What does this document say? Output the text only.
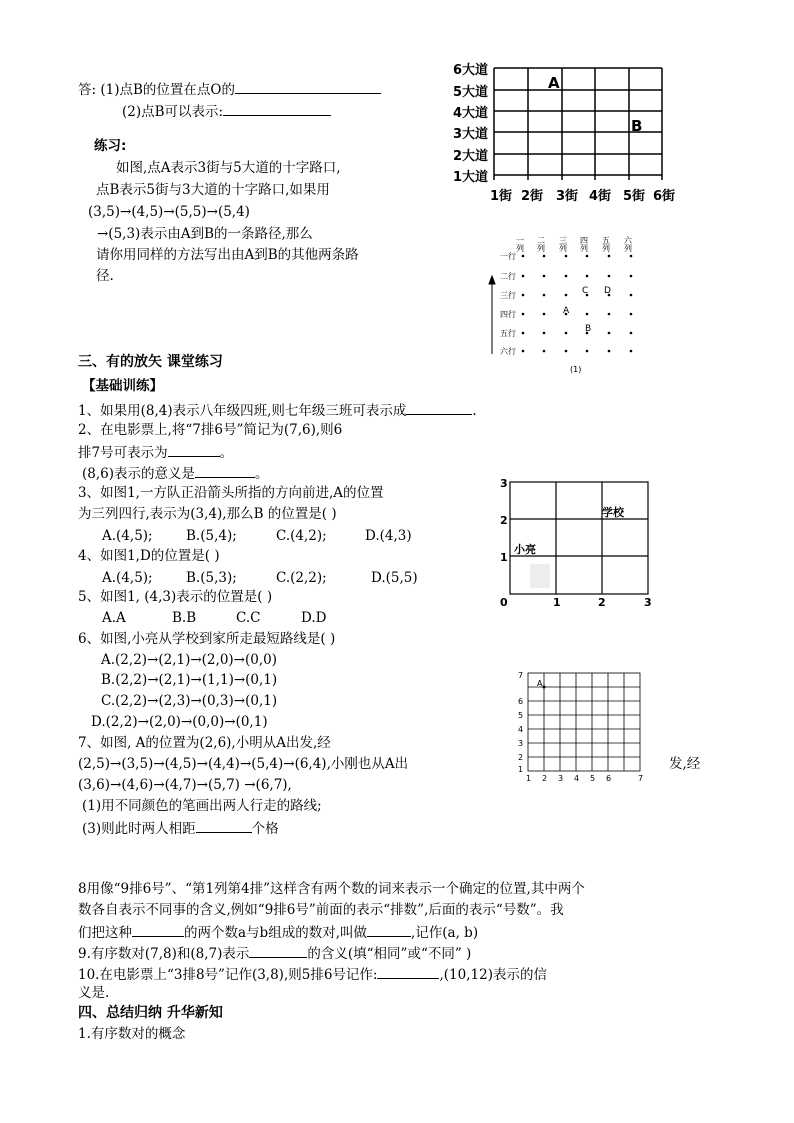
答: (1)点B的位置在点O的
(2)点B可以表示:
练习:
如图,点A表示3街与5大道的十字路口,
点B表示5街与3大道的十字路口,如果用
(3,5)→(4,5)→(5,5)→(5,4)
→(5,3)表示由A到B的一条路径,那么
请你用同样的方法写出由A到B的其他两条路
径.
6大道
5大道
4大道
3大道
2大道
1大道
1街 2街 3街 4街 5街 6街
A
B
一列 二列 三列 四列 五列 六列
一行
二行
三行
四行
五行
六行
A
C D
B
(1)
三、有的放矢 课堂练习
【基础训练】
1、如果用(8,4)表示八年级四班,则七年级三班可表示成	.
2、在电影票上,将“7排6号”简记为(7,6),则6
排7号可表示为	。
(8,6)表示的意义是	。
3、如图1,一方队正沿箭头所指的方向前进,A的位置
为三列四行,表示为(3,4),那么B 的位置是( )
A.(4,5); B.(5,4);	C.(4,2);	D.(4,3)
4、如图1,D的位置是( )
A.(4,5); B.(5,3);	C.(2,2);	D.(5,5)
5、如图1, (4,3)表示的位置是( )
A.A	B.B	C.C	D.D
6、如图,小亮从学校到家所走最短路线是( )
A.(2,2)→(2,1)→(2,0)→(0,0)
B.(2,2)→(2,1)→(1,1)→(0,1)
C.(2,2)→(2,3)→(0,3)→(0,1)
D.(2,2)→(2,0)→(0,0)→(0,1)
7、如图, A的位置为(2,6),小明从A出发,经
(2,5)→(3,5)→(4,5)→(4,4)→(5,4)→(6,4),小刚也从A出	发,经
(3,6)→(4,6)→(4,7)→(5,7) →(6,7),
(1)用不同颜色的笔画出两人行走的路线;
(3)则此时两人相距	个格
0	1	2	3
1
2
3
学校
小亮
1 2 3 4 5 6	7
1
2
3
4
5
6
7
A
8用像“9排6号”、“第1列第4排”这样含有两个数的词来表示一个确定的位置,其中两个
数各自表示不同事的含义,例如“9排6号”前面的表示“排数”,后面的表示“号数”。我
们把这种	的两个数a与b组成的数对,叫做	,记作(a, b)
9.有序数对(7,8)和(8,7)表示	的含义(填“相同”或“不同” )
10.在电影票上“3排8号”记作(3,8),则5排6号记作:	,(10,12)表示的信
义是.
四、总结归纳 升华新知
1.有序数对的概念
